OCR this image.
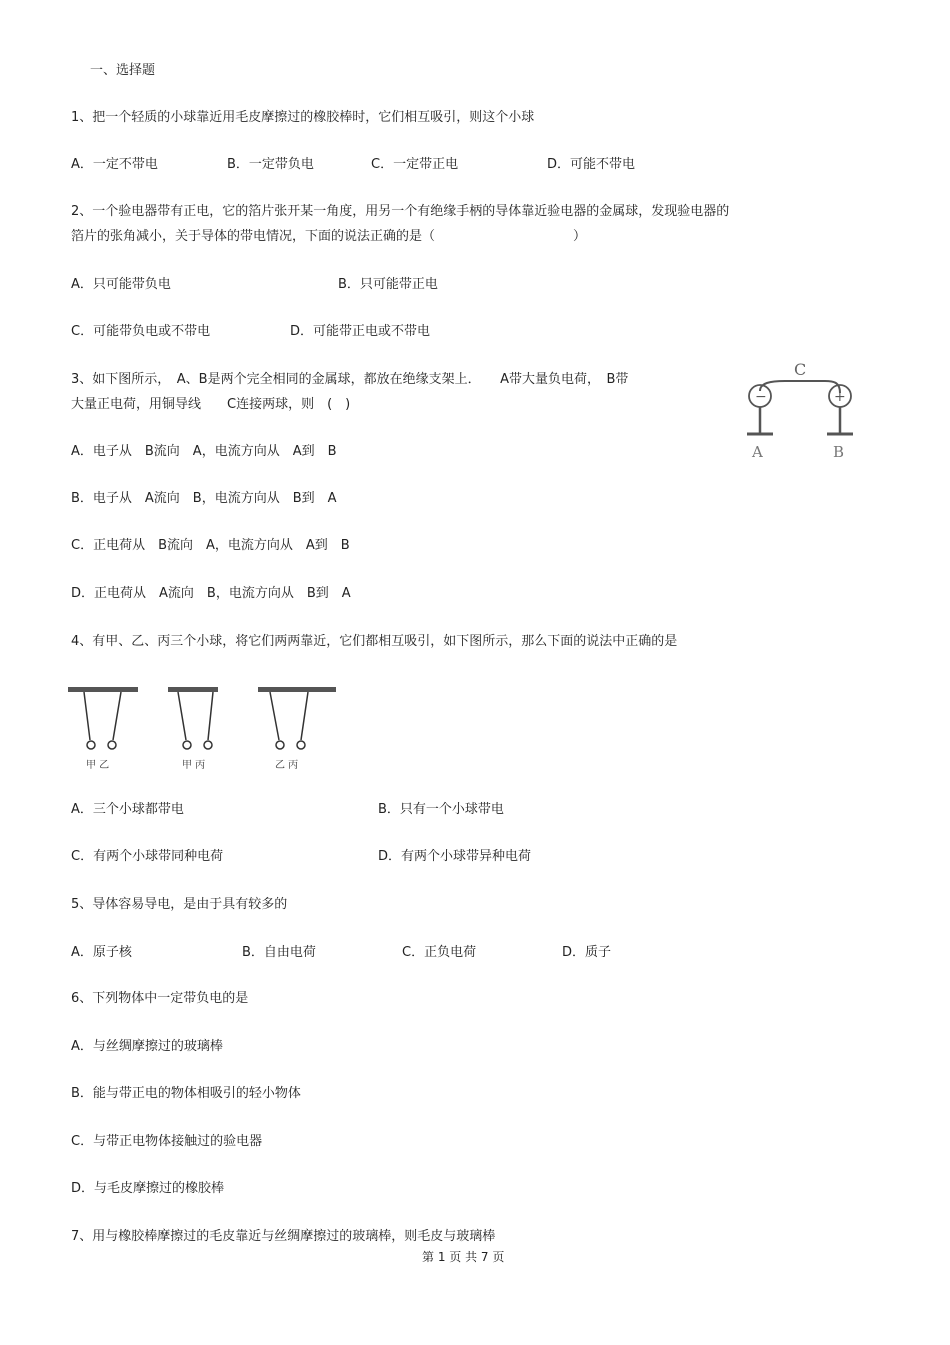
一、选择题
1、把一个轻质的小球靠近用毛皮摩擦过的橡胶棒时，它们相互吸引，则这个小球
A．一定不带电	B．一定带负电	C．一定带正电	D．可能不带电
2、一个验电器带有正电，它的箔片张开某一角度，用另一个有绝缘手柄的导体靠近验电器的金属球，发现验电器的
箔片的张角减小，关于导体的带电情况，下面的说法正确的是（	）
A．只可能带负电	B．只可能带正电
C．可能带负电或不带电	D．可能带正电或不带电
3、如下图所示，　A、B是两个完全相同的金属球，都放在绝缘支架上．　　A带大量负电荷，　B带
大量正电荷，用铜导线　　C连接两球，则　(　)
A．电子从　B流向　A，电流方向从　A到　B
B．电子从　A流向　B，电流方向从　B到　A
C．正电荷从　B流向　A，电流方向从　A到　B
D．正电荷从　A流向　B，电流方向从　B到　A
C
−	+
A	B
4、有甲、乙、丙三个小球，将它们两两靠近，它们都相互吸引，如下图所示，那么下面的说法中正确的是
甲 乙	甲 丙	乙 丙
A．三个小球都带电	B．只有一个小球带电
C．有两个小球带同种电荷	D．有两个小球带异种电荷
5、导体容易导电，是由于具有较多的
A．原子核	B．自由电荷	C．正负电荷	D．质子
6、下列物体中一定带负电的是
A．与丝绸摩擦过的玻璃棒
B．能与带正电的物体相吸引的轻小物体
C．与带正电物体接触过的验电器
D．与毛皮摩擦过的橡胶棒
7、用与橡胶棒摩擦过的毛皮靠近与丝绸摩擦过的玻璃棒，则毛皮与玻璃棒
第 1 页 共 7 页
